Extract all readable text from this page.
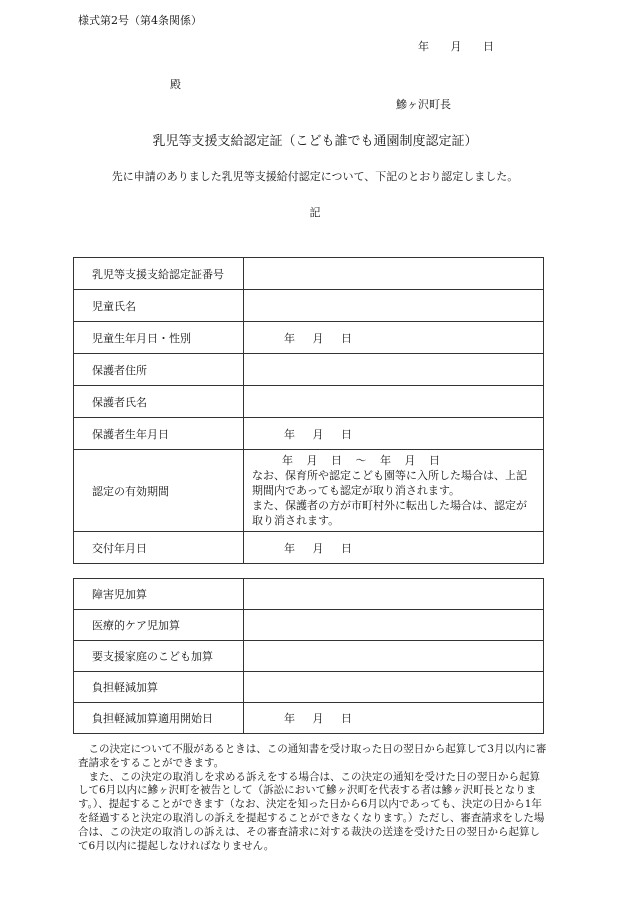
様式第2号（第4条関係）
年 月 日
殿
鰺ヶ沢町長
乳児等支援支給認定証（こども誰でも通園制度認定証）
先に申請のありました乳児等支援給付認定について、下記のとおり認定しました。
記
乳児等支援支給認定証番号	
児童氏名	
児童生年月日・性別	年 月 日
保護者住所	
保護者氏名	
保護者生年月日	年 月 日
認定の有効期間	年 月 日 〜 年 月 日
なお、保育所や認定こども園等に入所した場合は、上記
期間内であっても認定が取り消されます。
また、保護者の方が市町村外に転出した場合は、認定が
取り消されます。

交付年月日	年 月 日
障害児加算	
医療的ケア児加算	
要支援家庭のこども加算	
負担軽減加算	
負担軽減加算適用開始日	年 月 日

この決定について不服があるときは、この通知書を受け取った日の翌日から起算して3月以内に審査請求をすることができます。

また、この決定の取消しを求める訴えをする場合は、この決定の通知を受けた日の翌日から起算して6月以内に鰺ヶ沢町を被告として（訴訟において鰺ヶ沢町を代表する者は鰺ヶ沢町長となります。）、提起することができます（なお、決定を知った日から6月以内であっても、決定の日から1年を経過すると決定の取消しの訴えを提起することができなくなります。）ただし、審査請求をした場合は、この決定の取消しの訴えは、その審査請求に対する裁決の送達を受けた日の翌日から起算して6月以内に提起しなければなりません。
